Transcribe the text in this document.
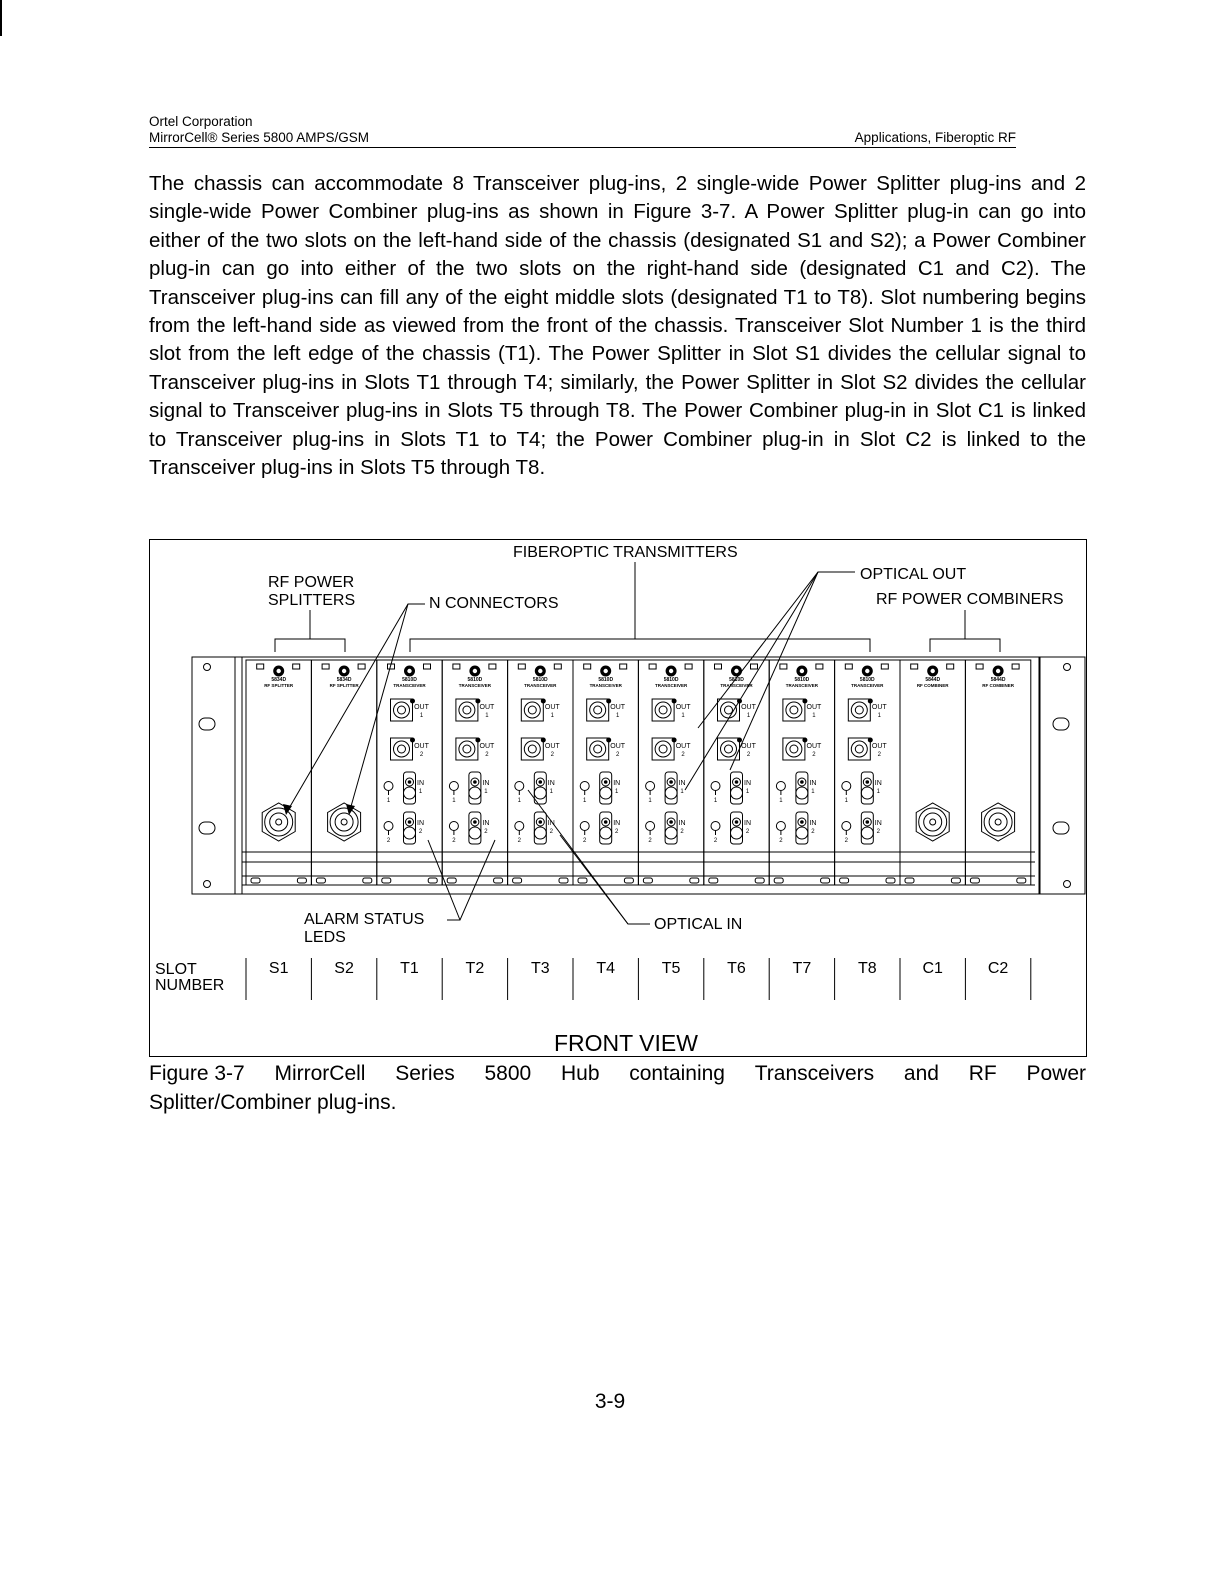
Ortel Corporation
MirrorCell® Series 5800 AMPS/GSM	Applications, Fiberoptic RF

The chassis can accommodate 8 Transceiver plug-ins, 2 single-wide Power Splitter plug-ins and 2 single-wide Power Combiner plug-ins as shown in Figure 3-7. A Power Splitter plug-in can go into either of the two slots on the left-hand side of the chassis (designated S1 and S2); a Power Combiner plug-in can go into either of the two slots on the right-hand side (designated C1 and C2). The Transceiver plug-ins can fill any of the eight middle slots (designated T1 to T8). Slot numbering begins from the left-hand side as viewed from the front of the chassis. Transceiver Slot Number 1 is the third slot from the left edge of the chassis (T1). The Power Splitter in Slot S1 divides the cellular signal to Transceiver plug-ins in Slots T1 through T4; similarly, the Power Splitter in Slot S2 divides the cellular signal to Transceiver plug-ins in Slots T5 through T8. The Power Combiner plug-in in Slot C1 is linked to Transceiver plug-ins in Slots T1 to T4; the Power Combiner plug-in in Slot C2 is linked to the Transceiver plug-ins in Slots T5 through T8.

5834D
RF SPLITTER
5834D
RF SPLITTER
5810D
TRANSCEIVER
OUT
1
OUT
2
1
IN
1
2
IN
2
5810D
TRANSCEIVER
OUT
1
OUT
2
1
IN
1
2
IN
2
5810D
TRANSCEIVER
OUT
1
OUT
2
1
IN
1
2
IN
2
5810D
TRANSCEIVER
OUT
1
OUT
2
1
IN
1
2
IN
2
5810D
TRANSCEIVER
OUT
1
OUT
2
1
IN
1
2
IN
2
5810D
TRANSCEIVER
OUT
1
OUT
2
1
IN
1
2
IN
2
5810D
TRANSCEIVER
OUT
1
OUT
2
1
IN
1
2
IN
2
5810D
TRANSCEIVER
OUT
1
OUT
2
1
IN
1
2
IN
2
5844D
RF COMBINER
5844D
RF COMBINER
FIBEROPTIC TRANSMITTERS
OPTICAL OUT
RF POWER
SPLITTERS	N CONNECTORS	RF POWER COMBINERS
ALARM STATUS
LEDS
OPTICAL IN
SLOT
NUMBER
S1	S2	T1	T2	T3	T4	T5	T6	T7	T8	C1	C2
FRONT VIEW
Figure 3-7 MirrorCell Series 5800 Hub containing Transceivers and RF Power
Splitter/Combiner plug-ins.
3-9
